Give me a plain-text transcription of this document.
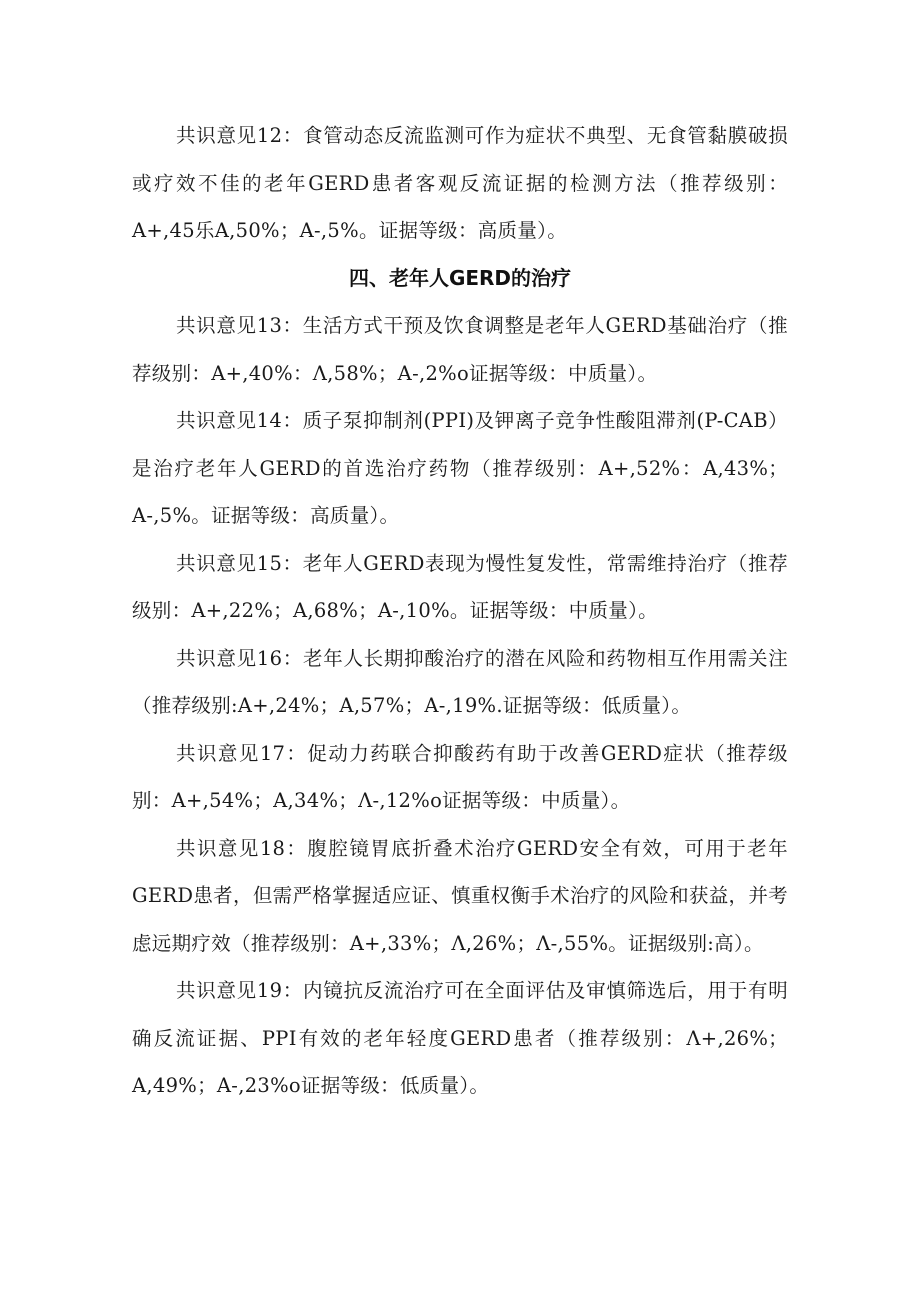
共识意见12：食管动态反流监测可作为症状不典型、无食管黏膜破损或疗效不佳的老年GERD患者客观反流证据的检测方法（推荐级别：A+,45乐A,50%；A-,5%。证据等级：高质量）。

四、老年人GERD的治疗

共识意见13：生活方式干预及饮食调整是老年人GERD基础治疗（推荐级别：A+,40%：Λ,58%；A-,2%o证据等级：中质量）。

共识意见14：质子泵抑制剂(PPI)及钾离子竞争性酸阻滞剂(P-CAB）是治疗老年人GERD的首选治疗药物（推荐级别：A+,52%：A,43%；A-,5%。证据等级：高质量）。

共识意见15：老年人GERD表现为慢性复发性，常需维持治疗（推荐级别：A+,22%；A,68%；A-,10%。证据等级：中质量）。

共识意见16：老年人长期抑酸治疗的潜在风险和药物相互作用需关注（推荐级别:A+,24%；A,57%；A-,19%.证据等级：低质量）。

共识意见17：促动力药联合抑酸药有助于改善GERD症状（推荐级别：A+,54%；A,34%；Λ-,12%o证据等级：中质量）。

共识意见18：腹腔镜胃底折叠术治疗GERD安全有效，可用于老年GERD患者，但需严格掌握适应证、慎重权衡手术治疗的风险和获益，并考虑远期疗效（推荐级别：A+,33%；Λ,26%；Λ-,55%。证据级别:高）。

共识意见19：内镜抗反流治疗可在全面评估及审慎筛选后，用于有明确反流证据、PPI有效的老年轻度GERD患者（推荐级别：Λ+,26%；A,49%；A-,23%o证据等级：低质量）。
